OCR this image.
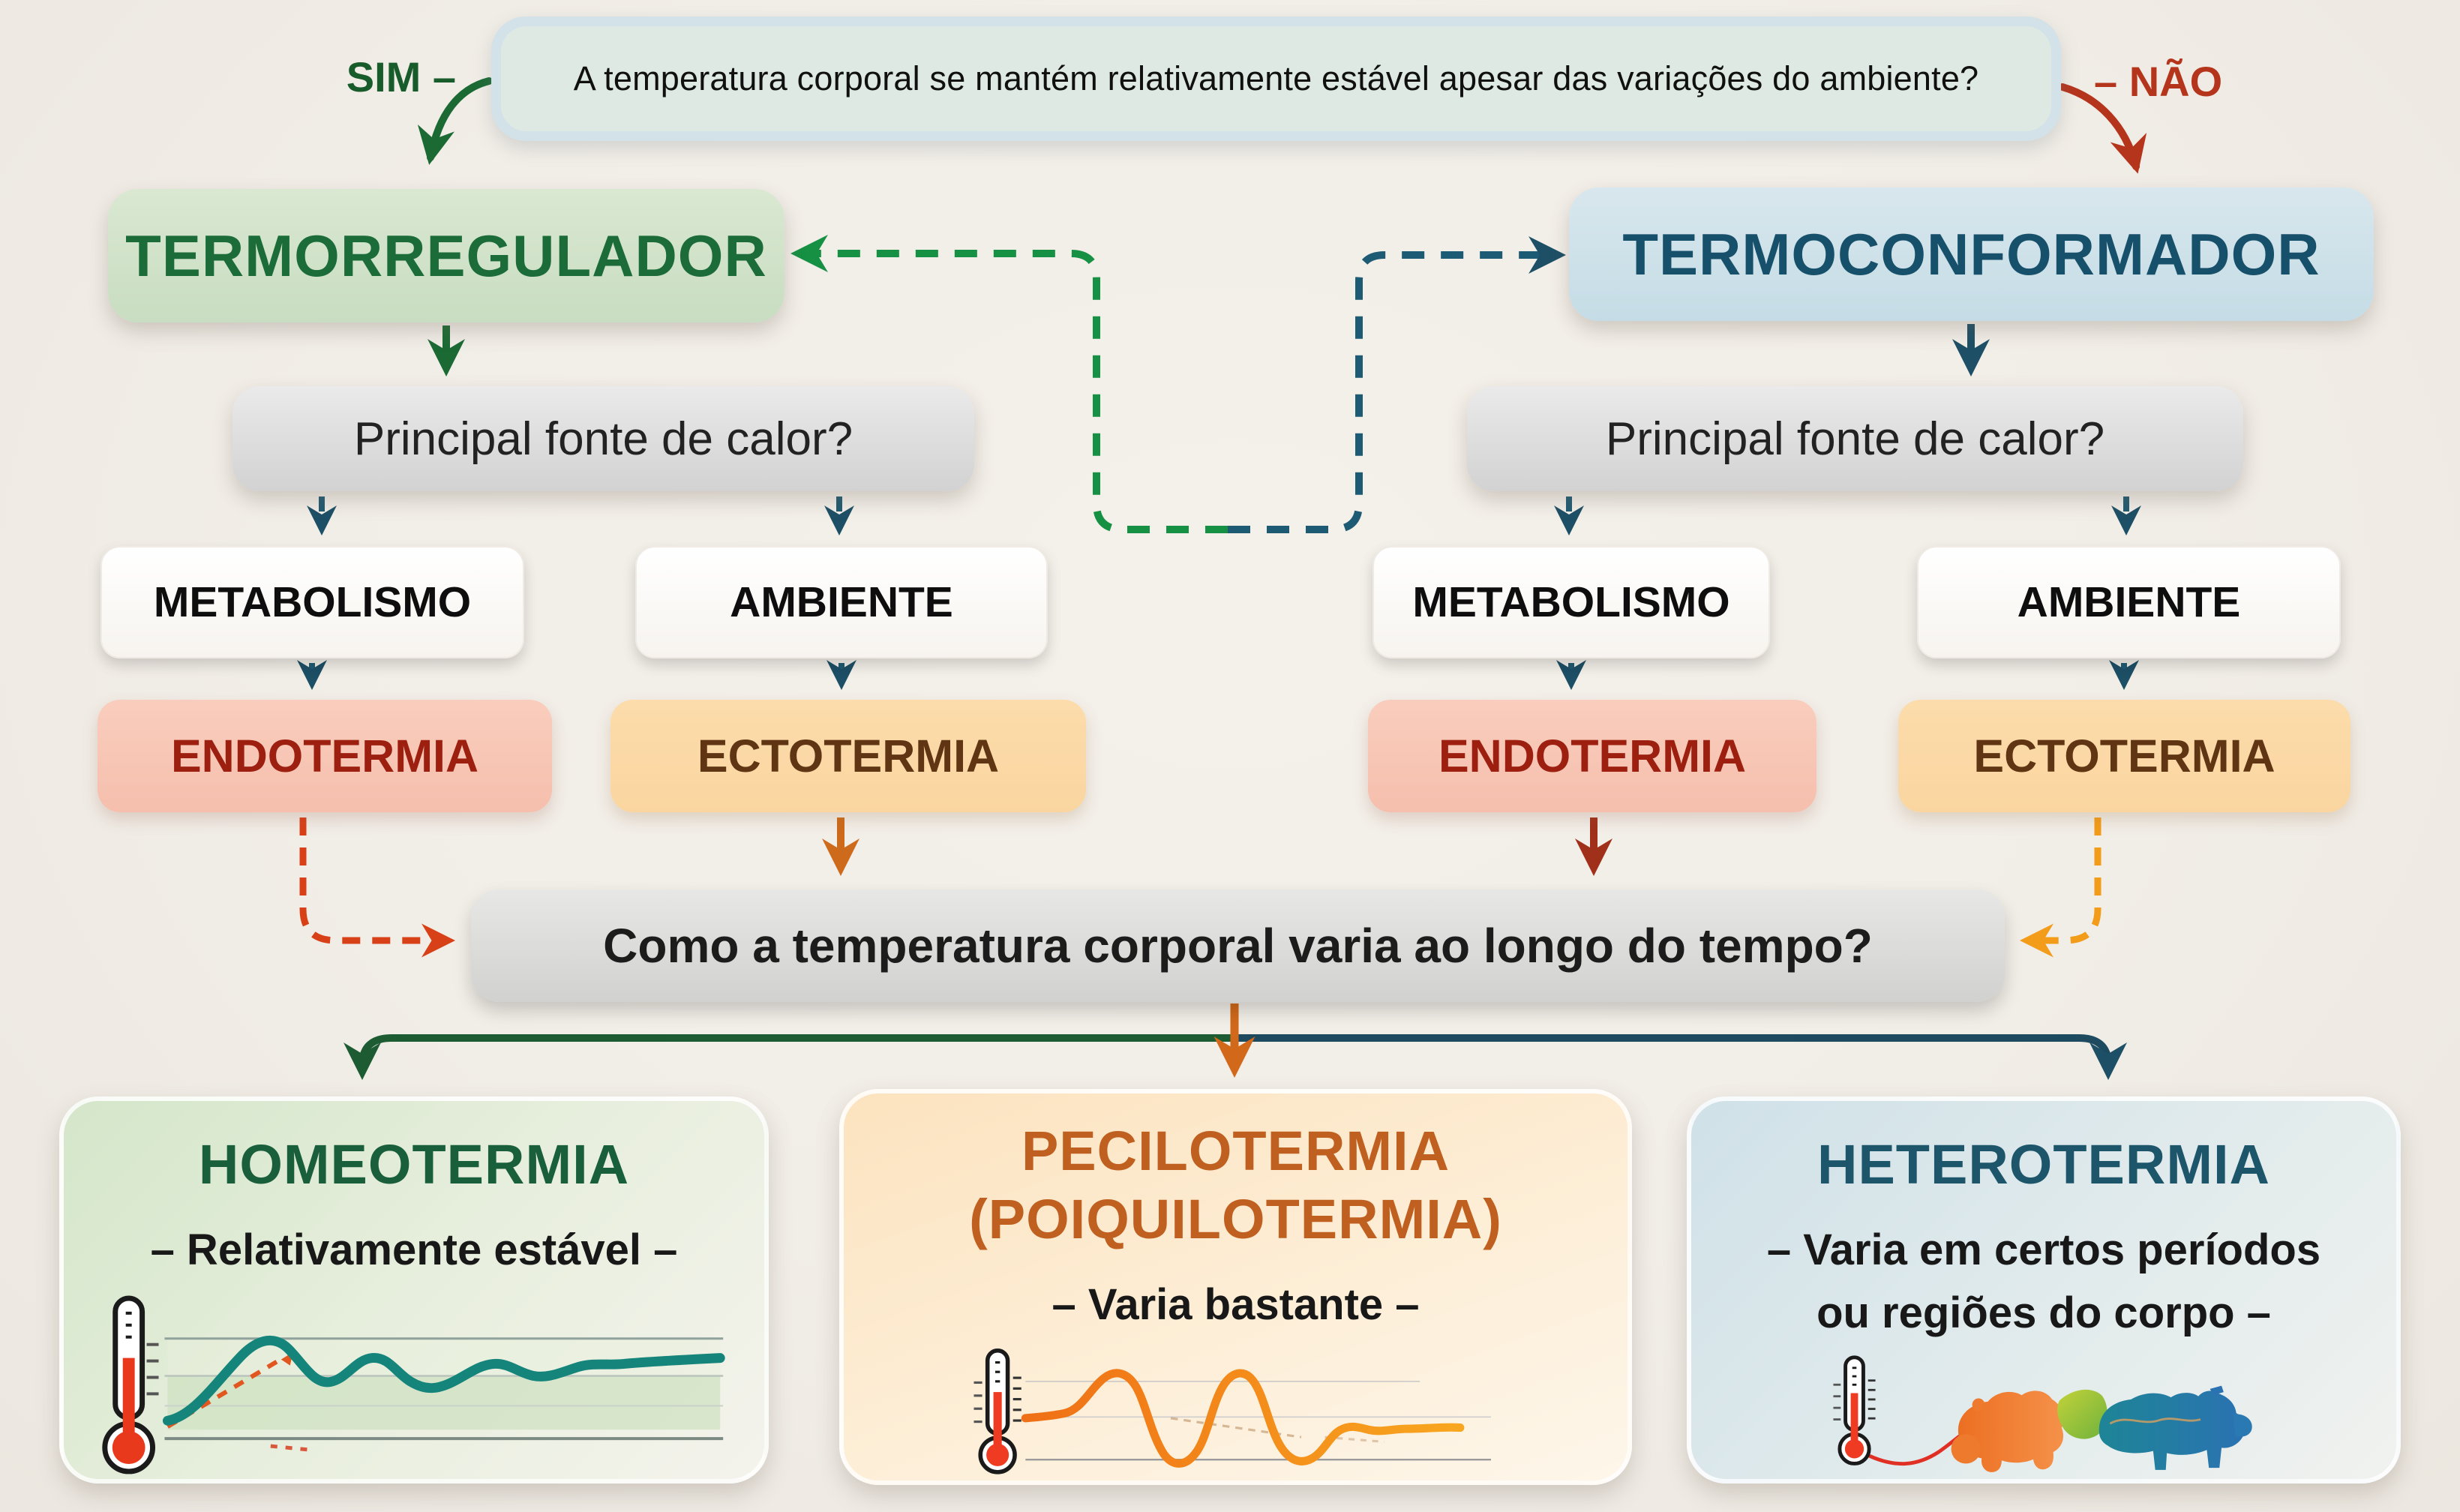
SIM –	A temperatura corporal se mantém relativamente estável apesar das variações do ambiente?	– NÃO
TERMORREGULADOR	TERMOCONFORMADOR
Principal fonte de calor?	Principal fonte de calor?
METABOLISMO	AMBIENTE	METABOLISMO	AMBIENTE
ENDOTERMIA	ECTOTERMIA	ENDOTERMIA	ECTOTERMIA
Como a temperatura corporal varia ao longo do tempo?
HOMEOTERMIA
– Relativamente estável –
PECILOTERMIA
(POIQUILOTERMIA)
– Varia bastante –
HETEROTERMIA
– Varia em certos períodos
ou regiões do corpo –
